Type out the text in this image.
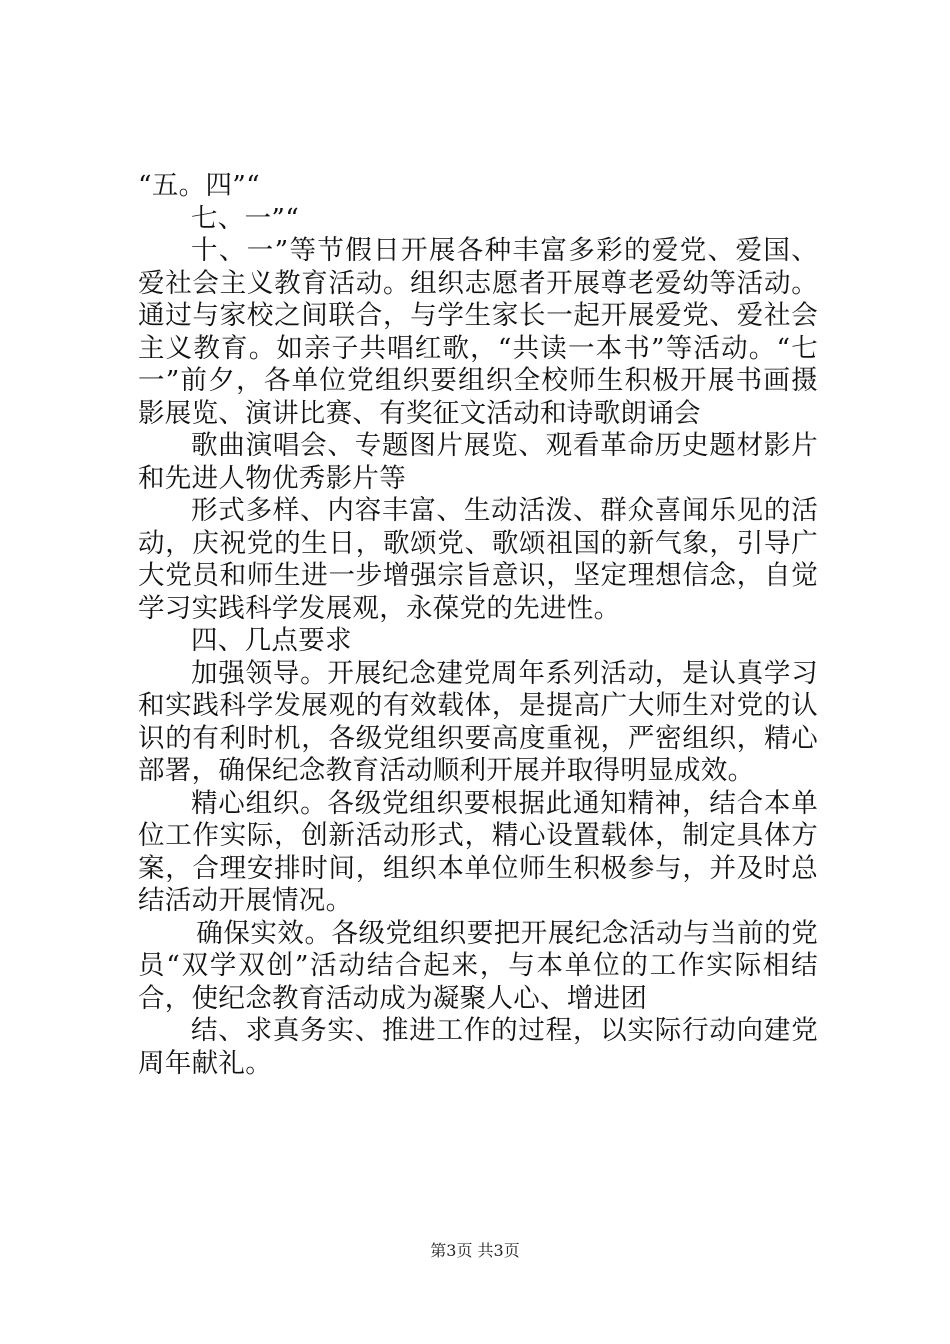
“五。四”“

七、一”“

十、一”等节假日开展各种丰富多彩的爱党、爱国、爱社会主义教育活动。组织志愿者开展尊老爱幼等活动。通过与家校之间联合，与学生家长一起开展爱党、爱社会主义教育。如亲子共唱红歌，“共读一本书”等活动。“七一”前夕，各单位党组织要组织全校师生积极开展书画摄影展览、演讲比赛、有奖征文活动和诗歌朗诵会

歌曲演唱会、专题图片展览、观看革命历史题材影片和先进人物优秀影片等

形式多样、内容丰富、生动活泼、群众喜闻乐见的活动，庆祝党的生日，歌颂党、歌颂祖国的新气象，引导广大党员和师生进一步增强宗旨意识，坚定理想信念，自觉学习实践科学发展观，永葆党的先进性。

四、几点要求

加强领导。开展纪念建党周年系列活动，是认真学习和实践科学发展观的有效载体，是提高广大师生对党的认识的有利时机，各级党组织要高度重视，严密组织，精心部署，确保纪念教育活动顺利开展并取得明显成效。

精心组织。各级党组织要根据此通知精神，结合本单位工作实际，创新活动形式，精心设置载体，制定具体方案，合理安排时间，组织本单位师生积极参与，并及时总结活动开展情况。

确保实效。各级党组织要把开展纪念活动与当前的党员“双学双创”活动结合起来，与本单位的工作实际相结合，使纪念教育活动成为凝聚人心、增进团

结、求真务实、推进工作的过程，以实际行动向建党周年献礼。

第3页 共3页
